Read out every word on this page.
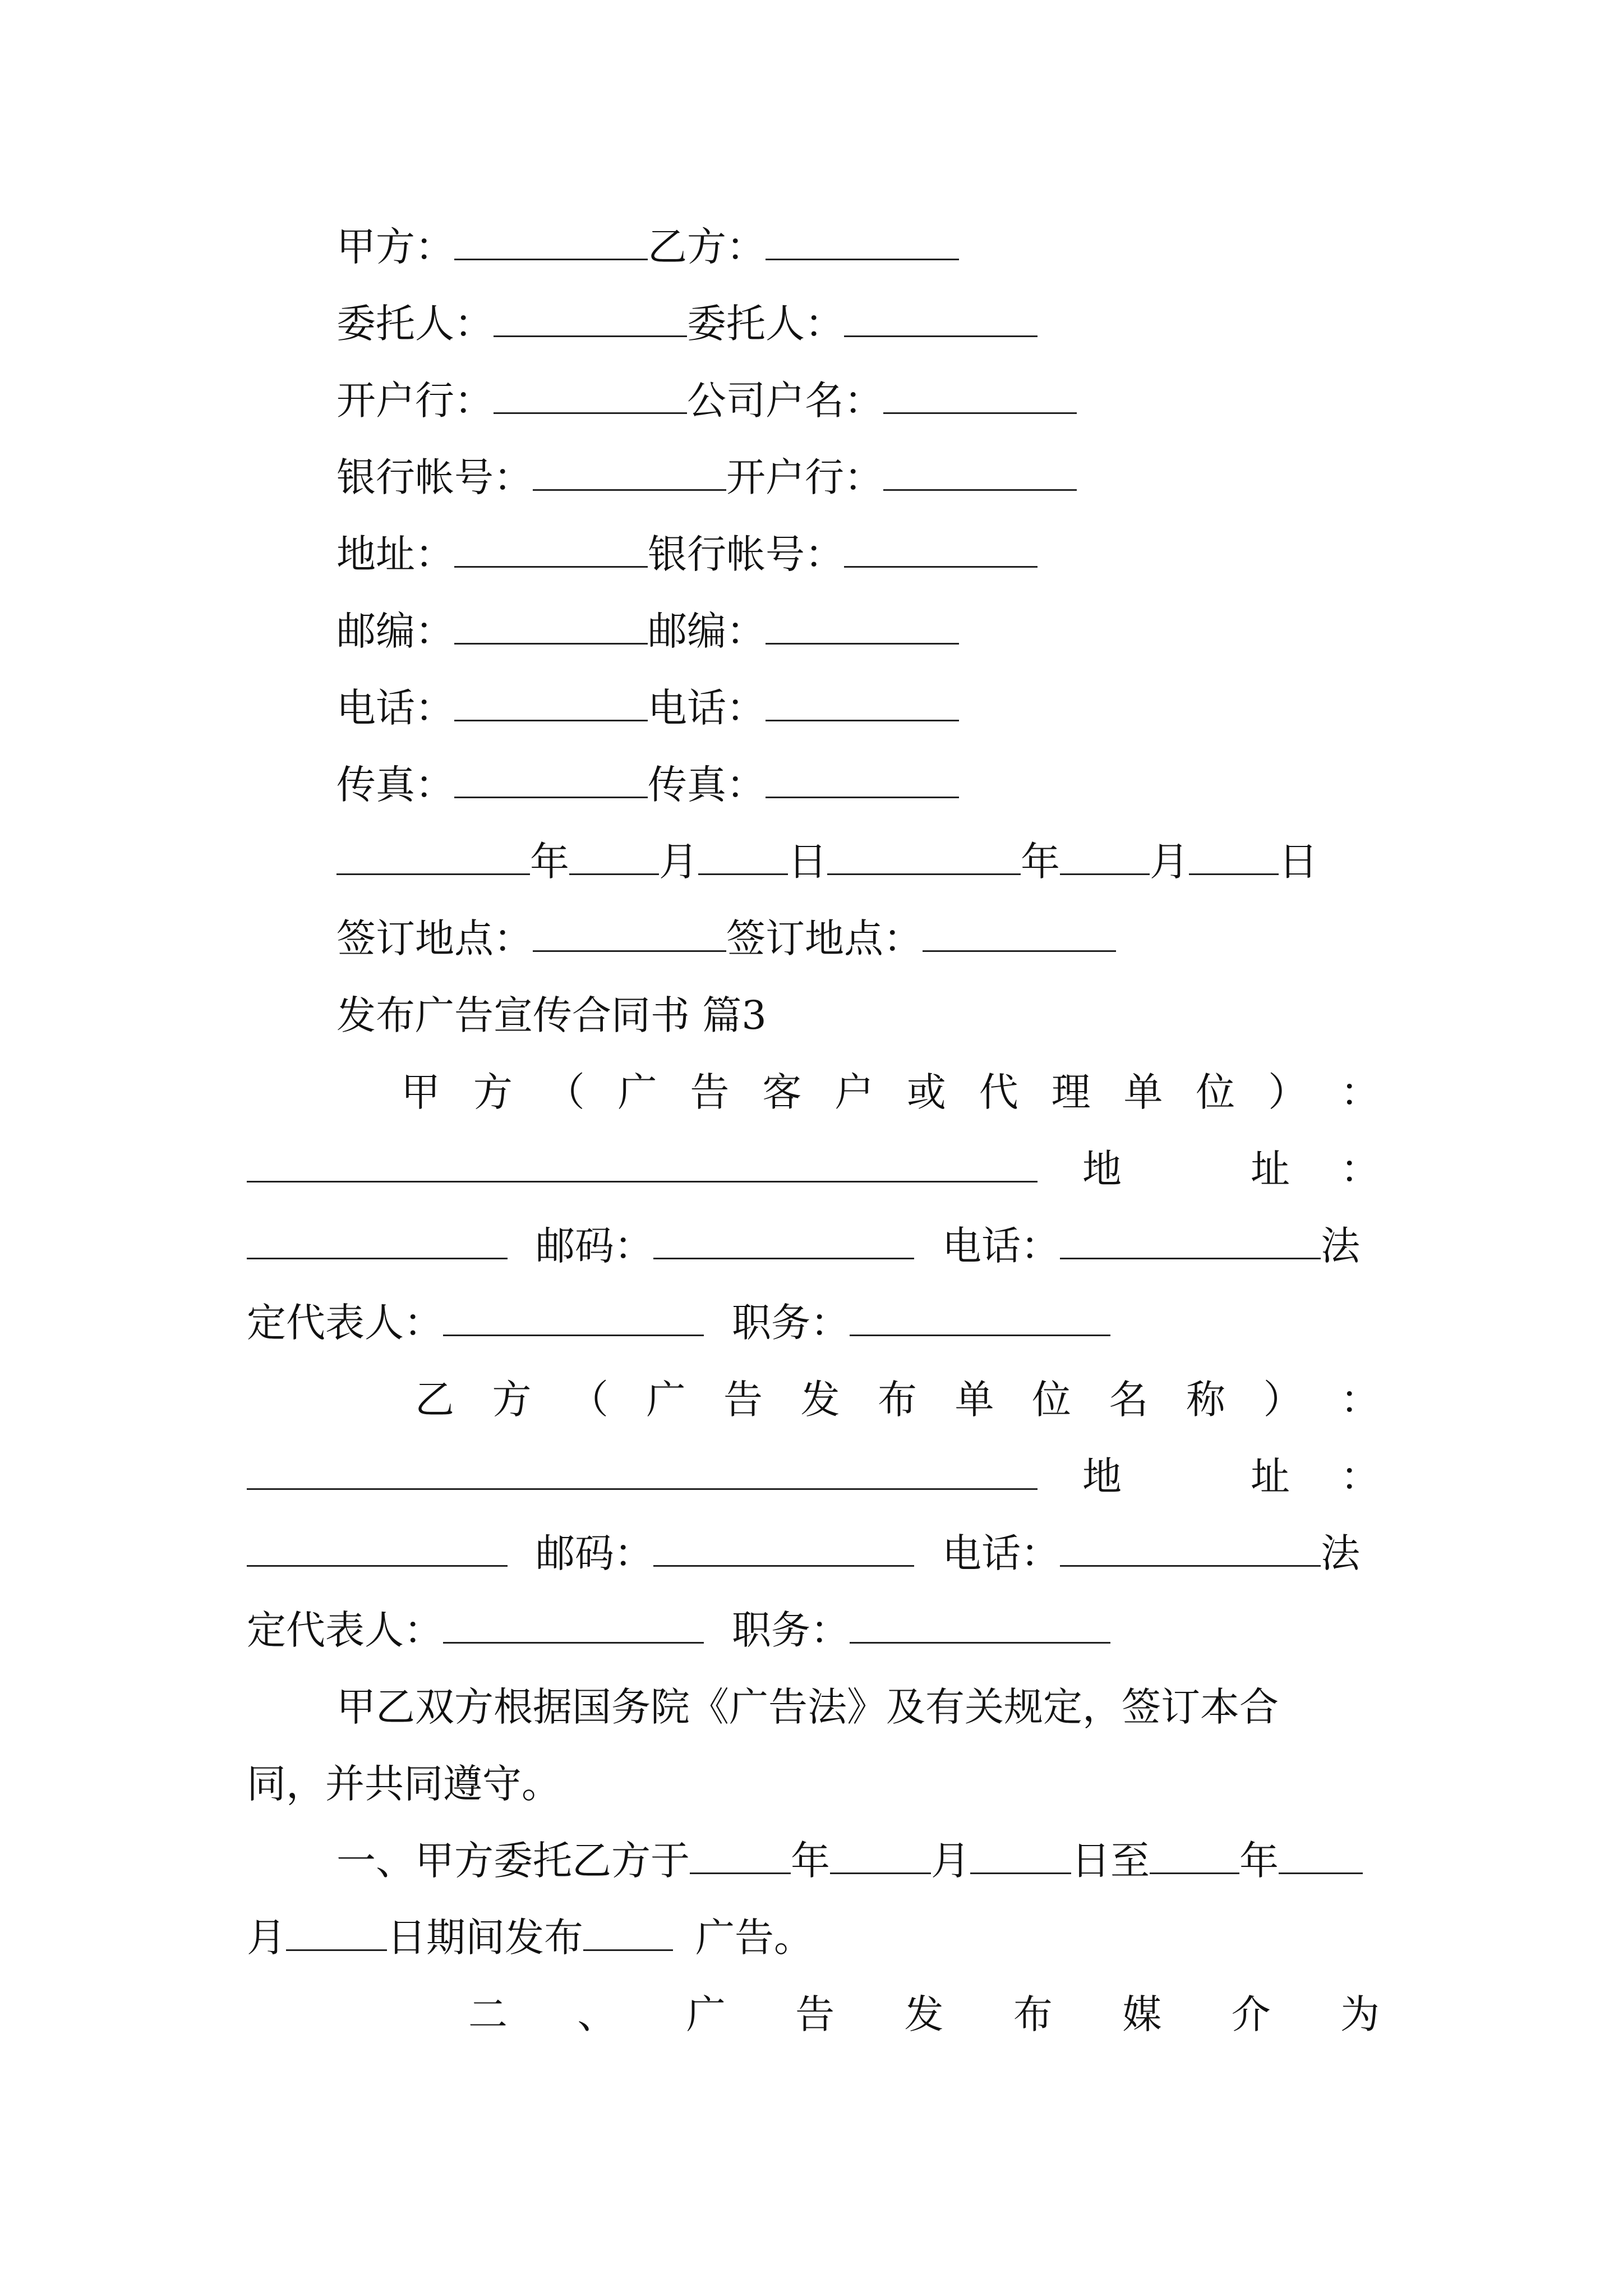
甲方：	乙方：
委托人：	委托人：
开户行：	公司户名：
银行帐号：	开户行：
地址：	银行帐号：
邮编：	邮编：
电话：	电话：
传真：	传真：
年 月 日	年 月 日
签订地点：	签订地点：
发布广告宣传合同书 篇3
甲 方 （ 广 告 客 户 或 代 理 单 位 ） ：
地	址 ：
邮码：	电话：	法
定代表人：	职务：
乙 方 （ 广 告 发 布 单 位 名 称 ） ：
地	址 ：
邮码：	电话：	法
定代表人：	职务：
甲乙双方根据国务院《广告法》及有关规定，签订本合
同，并共同遵守。
一、甲方委托乙方于	年	月	日至 年
月	日期间发布	广告。
二 、 广 告 发 布 媒 介 为
